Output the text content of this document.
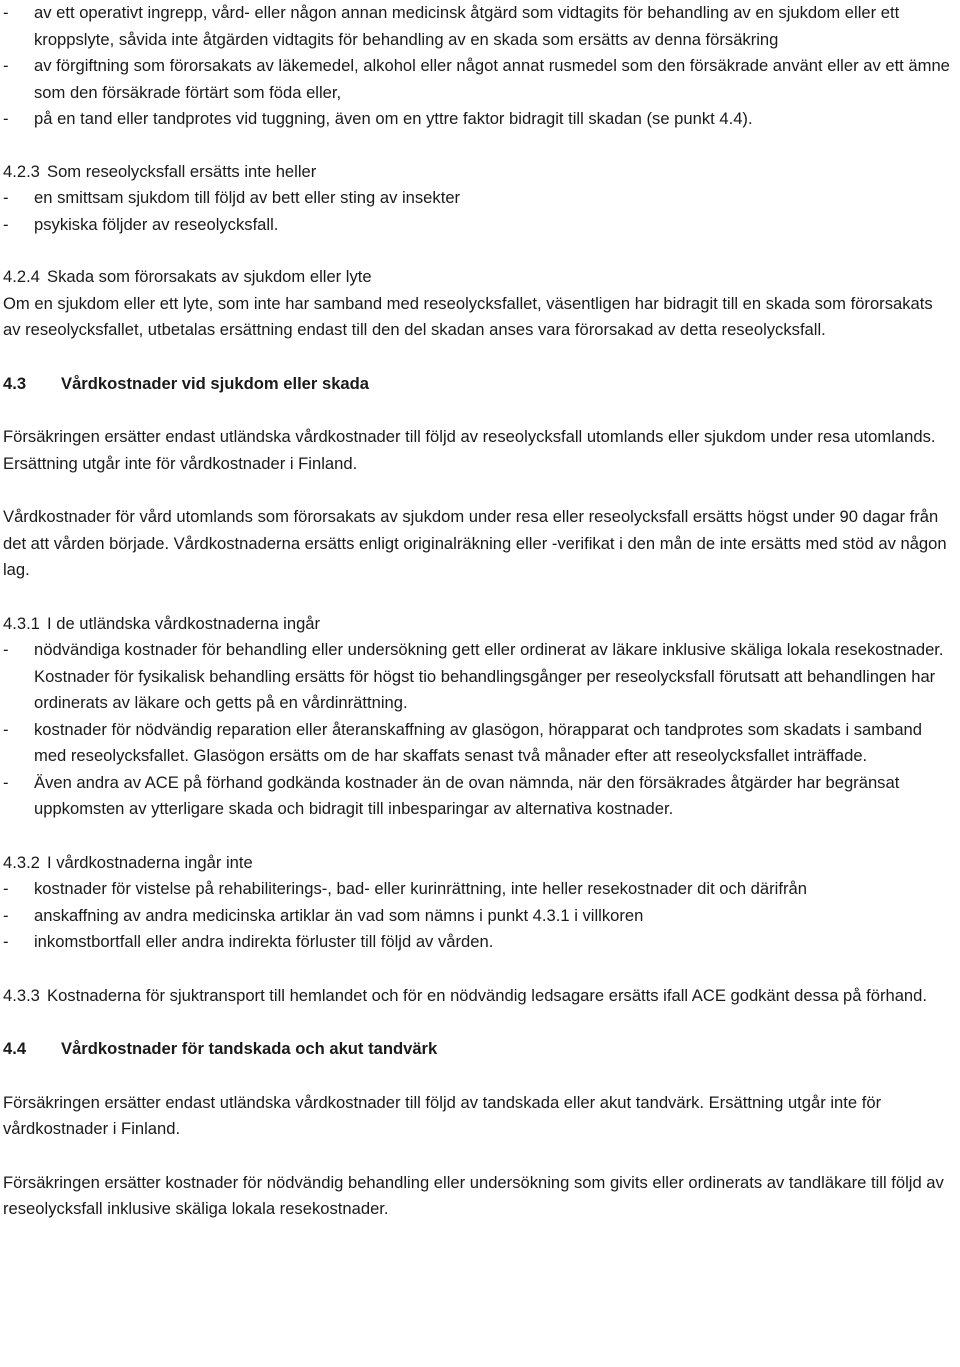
- av ett operativt ingrepp, vård- eller någon annan medicinsk åtgärd som vidtagits för behandling av en sjukdom eller ett kroppslyte, såvida inte åtgärden vidtagits för behandling av en skada som ersätts av denna försäkring
- av förgiftning som förorsakats av läkemedel, alkohol eller något annat rusmedel som den försäkrade använt eller av ett ämne som den försäkrade förtärt som föda eller,
- på en tand eller tandprotes vid tuggning, även om en yttre faktor bidragit till skadan (se punkt 4.4).
4.2.3 Som reseolycksfall ersätts inte heller
- en smittsam sjukdom till följd av bett eller sting av insekter
- psykiska följder av reseolycksfall.
4.2.4 Skada som förorsakats av sjukdom eller lyte
Om en sjukdom eller ett lyte, som inte har samband med reseolycksfallet, väsentligen har bidragit till en skada som förorsakats av reseolycksfallet, utbetalas ersättning endast till den del skadan anses vara förorsakad av detta reseolycksfall.
4.3 Vårdkostnader vid sjukdom eller skada
Försäkringen ersätter endast utländska vårdkostnader till följd av reseolycksfall utomlands eller sjukdom under resa utomlands. Ersättning utgår inte för vårdkostnader i Finland.
Vårdkostnader för vård utomlands som förorsakats av sjukdom under resa eller reseolycksfall ersätts högst under 90 dagar från det att vården började. Vårdkostnaderna ersätts enligt originalräkning eller -verifikat i den mån de inte ersätts med stöd av någon lag.
4.3.1 I de utländska vårdkostnaderna ingår
- nödvändiga kostnader för behandling eller undersökning gett eller ordinerat av läkare inklusive skäliga lokala resekostnader. Kostnader för fysikalisk behandling ersätts för högst tio behandlingsgånger per reseolycksfall förutsatt att behandlingen har ordinerats av läkare och getts på en vårdinrättning.
- kostnader för nödvändig reparation eller återanskaffning av glasögon, hörapparat och tandprotes som skadats i samband med reseolycksfallet. Glasögon ersätts om de har skaffats senast två månader efter att reseolycksfallet inträffade.
- Även andra av ACE på förhand godkända kostnader än de ovan nämnda, när den försäkrades åtgärder har begränsat uppkomsten av ytterligare skada och bidragit till inbesparingar av alternativa kostnader.
4.3.2 I vårdkostnaderna ingår inte
- kostnader för vistelse på rehabiliterings-, bad- eller kurinrättning, inte heller resekostnader dit och därifrån
- anskaffning av andra medicinska artiklar än vad som nämns i punkt 4.3.1 i villkoren
- inkomstbortfall eller andra indirekta förluster till följd av vården.
4.3.3 Kostnaderna för sjuktransport till hemlandet och för en nödvändig ledsagare ersätts ifall ACE godkänt dessa på förhand.
4.4 Vårdkostnader för tandskada och akut tandvärk
Försäkringen ersätter endast utländska vårdkostnader till följd av tandskada eller akut tandvärk. Ersättning utgår inte för vårdkostnader i Finland.
Försäkringen ersätter kostnader för nödvändig behandling eller undersökning som givits eller ordinerats av tandläkare till följd av reseolycksfall inklusive skäliga lokala resekostnader.
